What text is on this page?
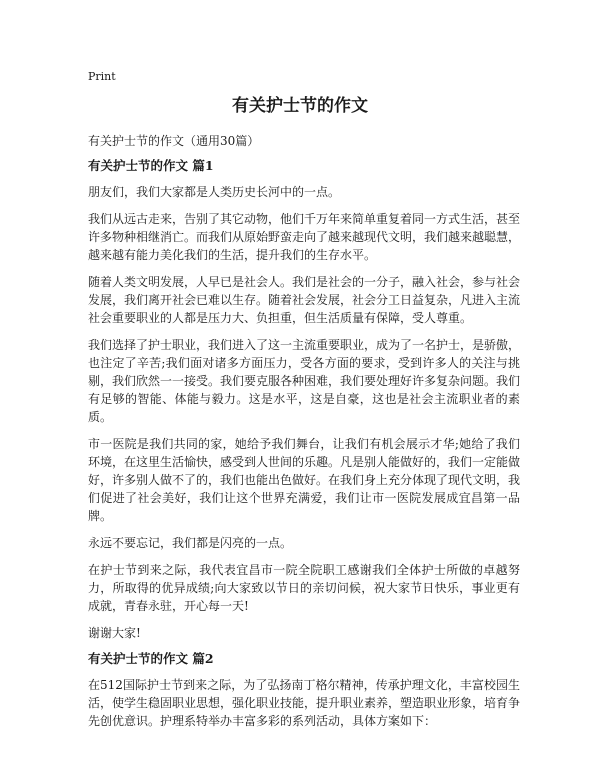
Print
有关护士节的作文

有关护士节的作文（通用30篇）

有关护士节的作文 篇1

朋友们，我们大家都是人类历史长河中的一点。

我们从远古走来，告别了其它动物，他们千万年来简单重复着同一方式生活，甚至许多物种相继消亡。而我们从原始野蛮走向了越来越现代文明，我们越来越聪慧，越来越有能力美化我们的生活，提升我们的生存水平。

随着人类文明发展，人早已是社会人。我们是社会的一分子，融入社会，参与社会发展，我们离开社会已难以生存。随着社会发展，社会分工日益复杂，凡进入主流社会重要职业的人都是压力大、负担重，但生活质量有保障，受人尊重。

我们选择了护士职业，我们进入了这一主流重要职业，成为了一名护士，是骄傲，也注定了辛苦;我们面对诸多方面压力，受各方面的要求，受到许多人的关注与挑剔，我们欣然一一接受。我们要克服各种困难，我们要处理好许多复杂问题。我们有足够的智能、体能与毅力。这是水平，这是自豪，这也是社会主流职业者的素质。

市一医院是我们共同的家，她给予我们舞台，让我们有机会展示才华;她给了我们环境，在这里生活愉快，感受到人世间的乐趣。凡是别人能做好的，我们一定能做好，许多别人做不了的，我们也能出色做好。在我们身上充分体现了现代文明，我们促进了社会美好，我们让这个世界充满爱，我们让市一医院发展成宜昌第一品牌。

永远不要忘记，我们都是闪亮的一点。

在护士节到来之际，我代表宜昌市一院全院职工感谢我们全体护士所做的卓越努力，所取得的优异成绩;向大家致以节日的亲切问候，祝大家节日快乐，事业更有成就，青春永驻，开心每一天!

谢谢大家!

有关护士节的作文 篇2

在512国际护士节到来之际，为了弘扬南丁格尔精神，传承护理文化，丰富校园生活，使学生稳固职业思想，强化职业技能，提升职业素养，塑造职业形象，培育争先创优意识。护理系特举办丰富多彩的系列活动，具体方案如下：
